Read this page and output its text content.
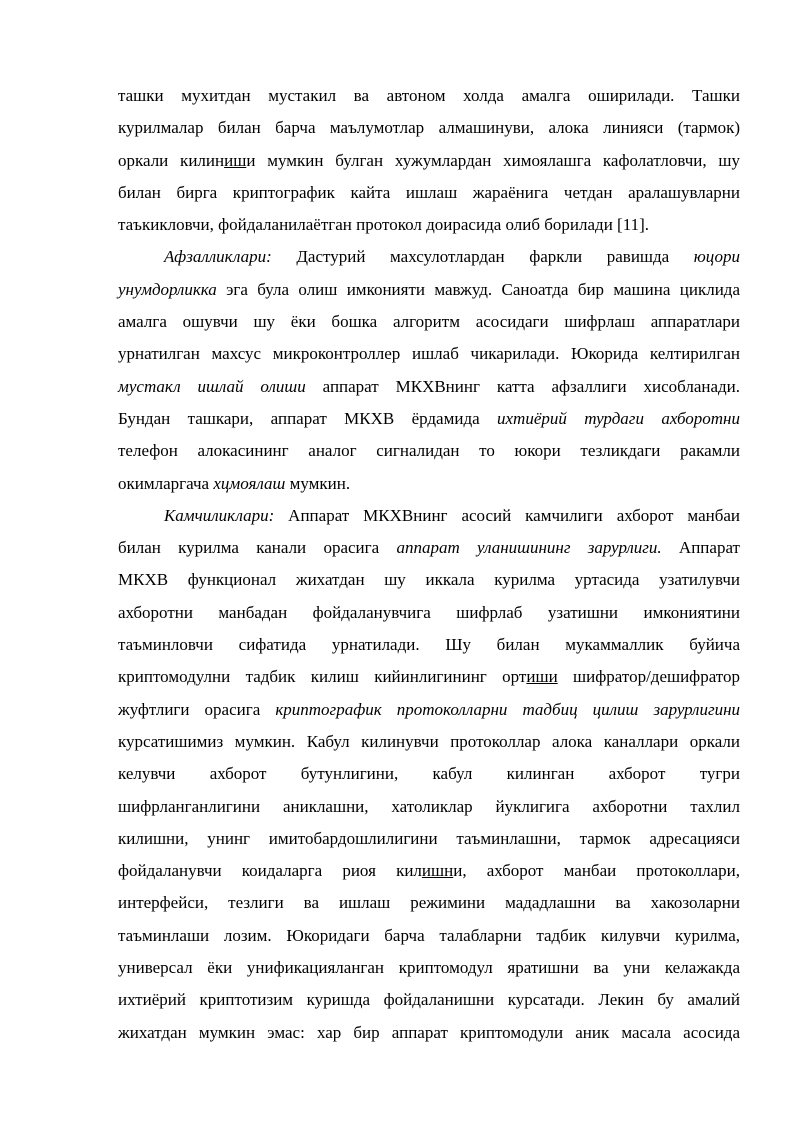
ташки мухитдан мустакил ва автоном холда амалга оширилади. Ташки
курилмалар билан барча маълумотлар алмашинуви, алока линияси (тармок)
оркали килиниши мумкин булган хужумлардан химоялашга кафолатловчи, шу
билан бирга криптографик кайта ишлаш жараёнига четдан аралашувларни
таъкикловчи, фойдаланилаётган протокол доирасида олиб борилади [11].
Афзалликлари: Дастурий махсулотлардан фаркли равишда юцори
унумдорликка эга була олиш имконияти мавжуд. Саноатда бир машина циклида
амалга ошувчи шу ёки бошка алгоритм асосидаги шифрлаш аппаратлари
урнатилган махсус микроконтроллер ишлаб чикарилади. Юкорида келтирилган
мустакл ишлай олиши аппарат МКХВнинг катта афзаллиги хисобланади.
Бундан ташкари, аппарат МКХВ ёрдамида ихтиёрий турдаги ахборотни
телефон алокасининг аналог сигналидан то юкори тезликдаги ракамли
окимларгача хцмоялаш мумкин.
Камчиликлари: Аппарат МКХВнинг асосий камчилиги ахборот манбаи
билан курилма канали орасига аппарат уланишининг зарурлиги. Аппарат
МКХВ функционал жихатдан шу иккала курилма уртасида узатилувчи
ахборотни манбадан фойдаланувчига шифрлаб узатишни имкониятини
таъминловчи сифатида урнатилади. Шу билан мукаммаллик буйича
криптомодулни тадбик килиш кийинлигининг ортиши шифратор/дешифратор
жуфтлиги орасига криптографик протоколларни тадбиц цилиш зарурлигини
курсатишимиз мумкин. Кабул килинувчи протоколлар алока каналлари оркали
келувчи ахборот бутунлигини, кабул килинган ахборот тугри
шифрланганлигини аниклашни, хатоликлар йуклигига ахборотни тахлил
килишни, унинг имитобардошлилигини таъминлашни, тармок адресацияси
фойдаланувчи коидаларга риоя килишни, ахборот манбаи протоколлари,
интерфейси, тезлиги ва ишлаш режимини мададлашни ва хакозоларни
таъминлаши лозим. Юкоридаги барча талабларни тадбик килувчи курилма,
универсал ёки унификацияланган криптомодул яратишни ва уни келажакда
ихтиёрий криптотизим куришда фойдаланишни курсатади. Лекин бу амалий
жихатдан мумкин эмас: хар бир аппарат криптомодули аник масала асосида
